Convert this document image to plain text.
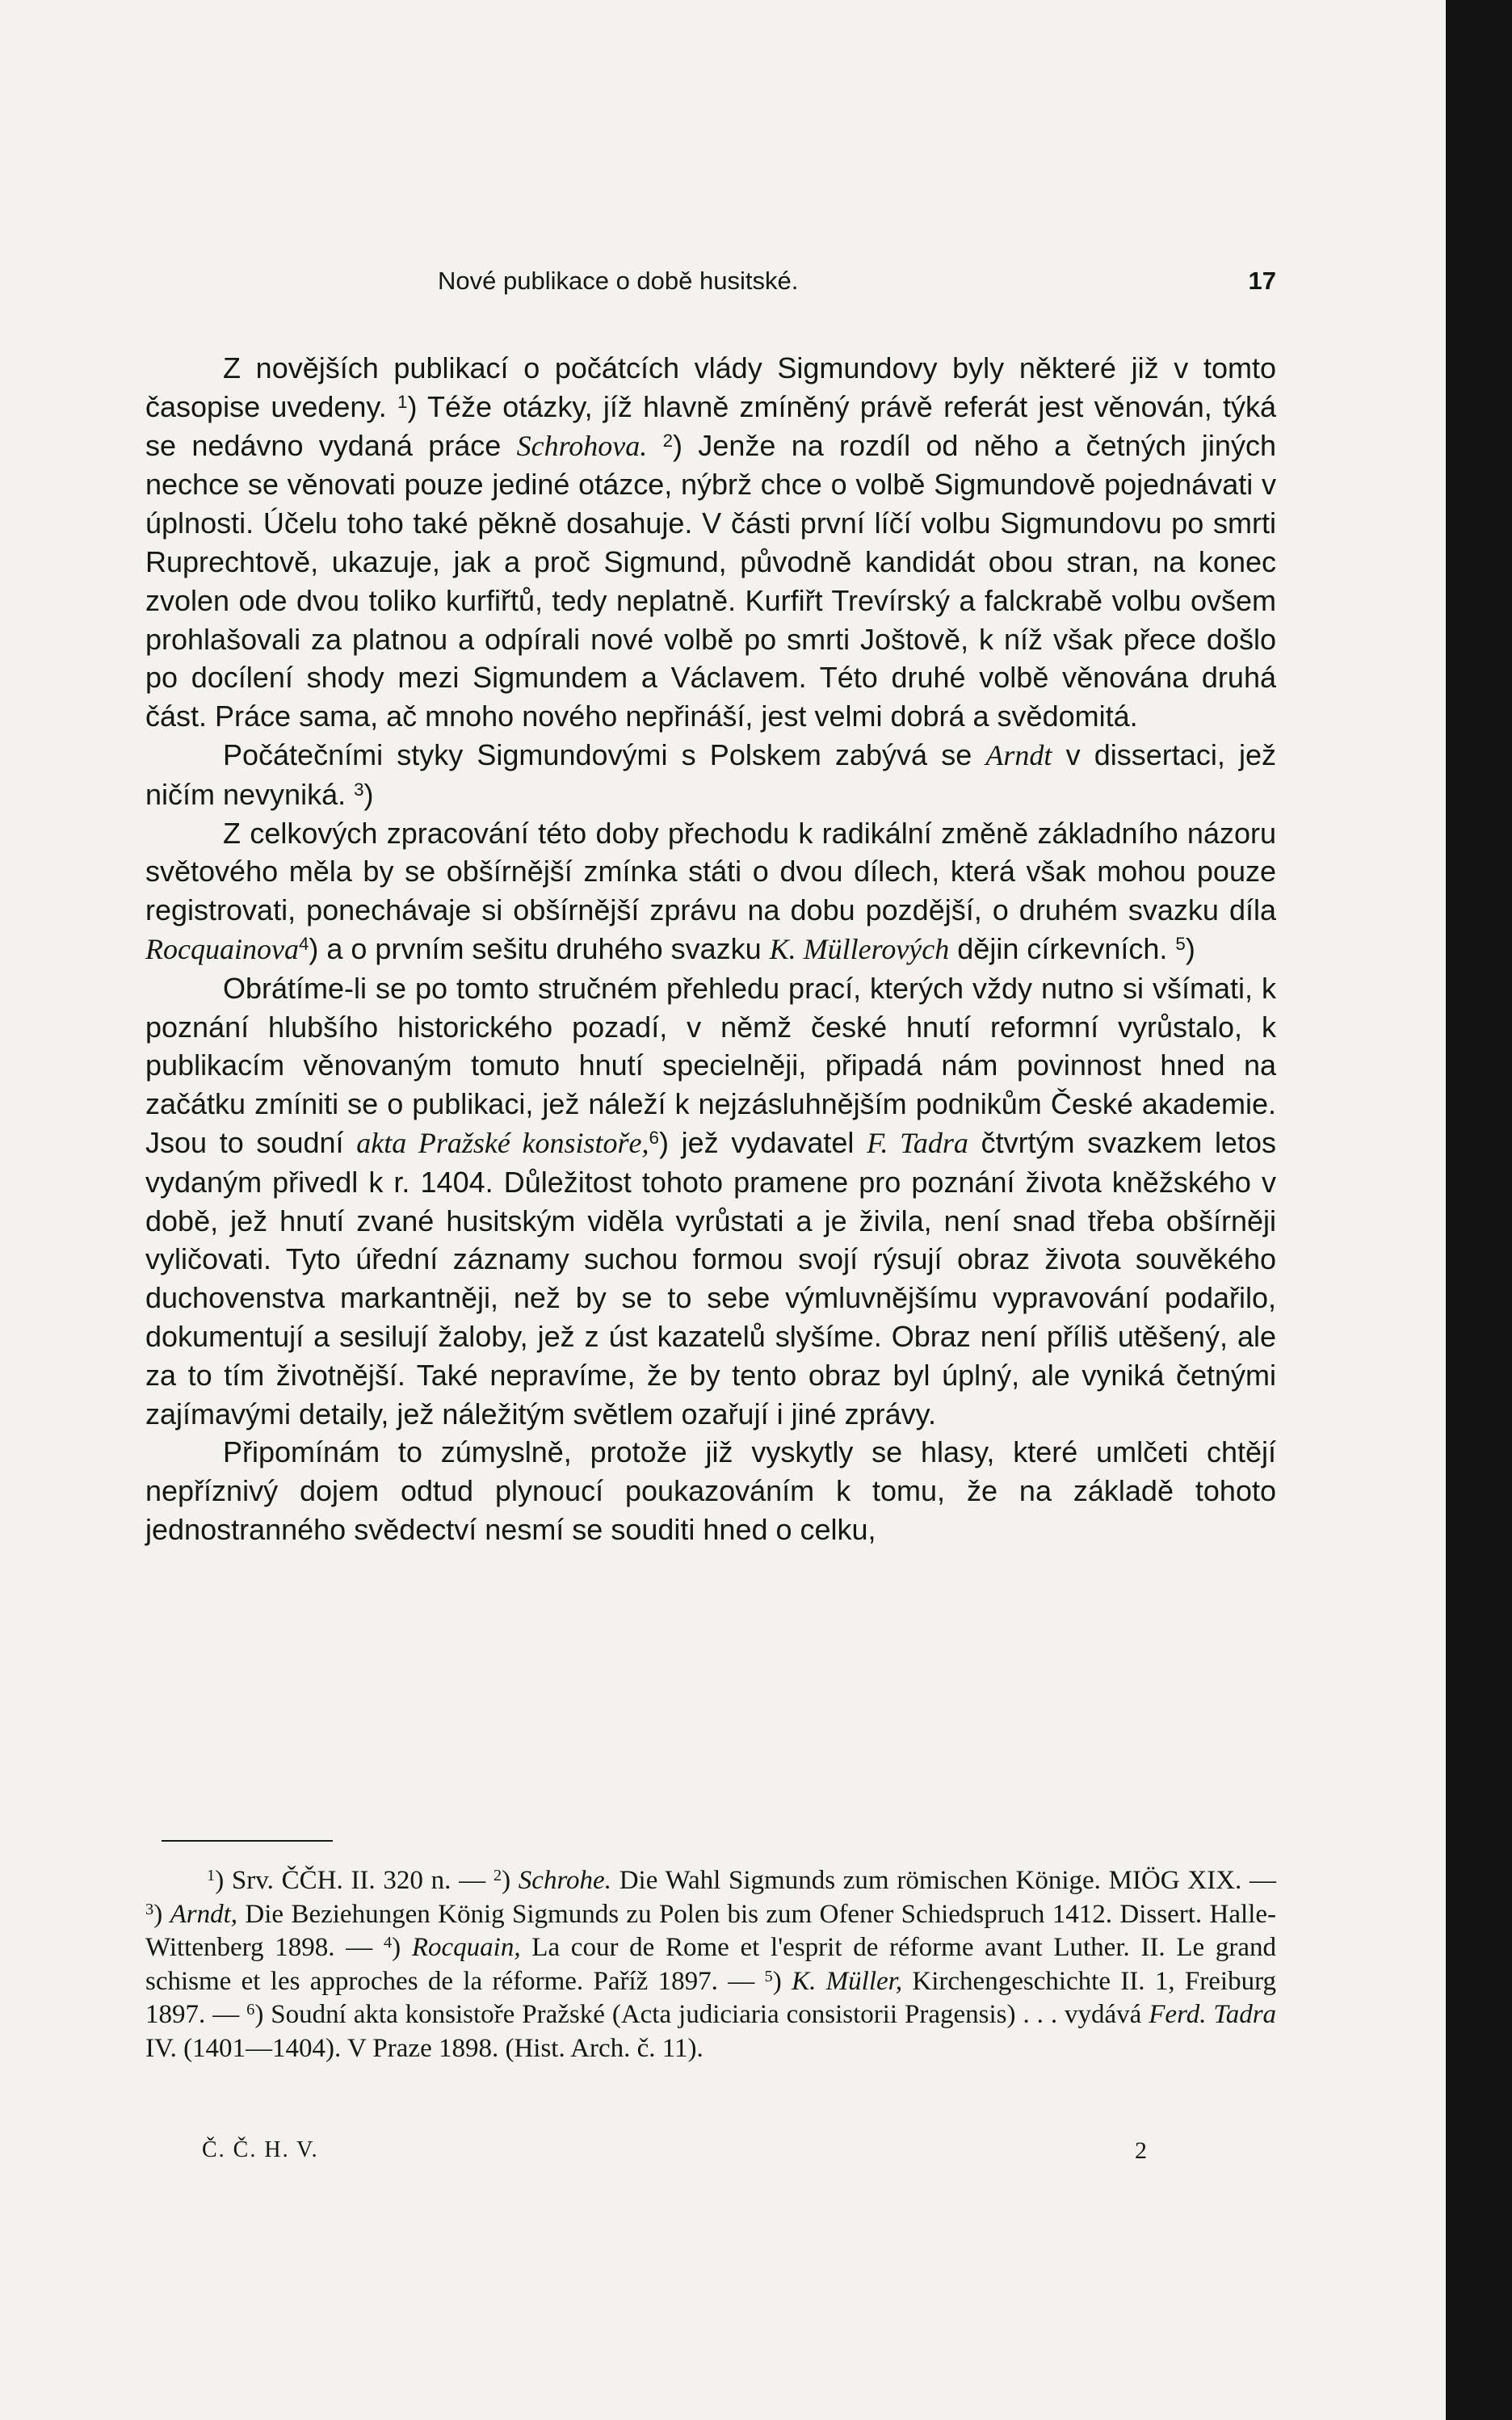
Nové publikace o době husitské.	17

Z novějších publikací o počátcích vlády Sigmundovy byly některé již v tomto časopise uvedeny. $^1$) Téže otázky, jíž hlavně zmíněný právě referát jest věnován, týká se nedávno vydaná práce Schrohova. $^2$) Jenže na rozdíl od něho a četných jiných nechce se věnovati pouze jediné otázce, nýbrž chce o volbě Sigmundově pojednávati v úplnosti. Účelu toho také pěkně dosahuje. V části první líčí volbu Sigmundovu po smrti Ruprechtově, ukazuje, jak a proč Sigmund, původně kandidát obou stran, na konec zvolen ode dvou toliko kurfiřtů, tedy neplatně. Kurfiřt Trevírský a falckrabě volbu ovšem prohlašovali za platnou a odpírali nové volbě po smrti Joštově, k níž však přece došlo po docílení shody mezi Sigmundem a Václavem. Této druhé volbě věnována druhá část. Práce sama, ač mnoho nového nepřináší, jest velmi dobrá a svědomitá.

Počátečními styky Sigmundovými s Polskem zabývá se Arndt v dissertaci, jež ničím nevyniká. $^3$)

Z celkových zpracování této doby přechodu k radikální změně základního názoru světového měla by se obšírnější zmínka státi o dvou dílech, která však mohou pouze registrovati, ponechávaje si obšírnější zprávu na dobu pozdější, o druhém svazku díla Rocquainova$^4$) a o prvním sešitu druhého svazku K. Müllerových dějin církevních. $^5$)

Obrátíme-li se po tomto stručném přehledu prací, kterých vždy nutno si všímati, k poznání hlubšího historického pozadí, v němž české hnutí reformní vyrůstalo, k publikacím věnovaným tomuto hnutí specielněji, připadá nám povinnost hned na začátku zmíniti se o publikaci, jež náleží k nejzásluhnějším podnikům České akademie. Jsou to soudní akta Pražské konsistoře,$^6$) jež vydavatel F. Tadra čtvrtým svazkem letos vydaným přivedl k r. 1404. Důležitost tohoto pramene pro poznání života kněžského v době, jež hnutí zvané husitským viděla vyrůstati a je živila, není snad třeba obšírněji vyličovati. Tyto úřední záznamy suchou formou svojí rýsují obraz života souvěkého duchovenstva markantněji, než by se to sebe výmluvnějšímu vypravování podařilo, dokumentují a sesilují žaloby, jež z úst kazatelů slyšíme. Obraz není příliš utěšený, ale za to tím životnější. Také nepravíme, že by tento obraz byl úplný, ale vyniká četnými zajímavými detaily, jež náležitým světlem ozařují i jiné zprávy.

Připomínám to zúmyslně, protože již vyskytly se hlasy, které umlčeti chtějí nepříznivý dojem odtud plynoucí poukazováním k tomu, že na základě tohoto jednostranného svědectví nesmí se souditi hned o celku,

$^1$) Srv. ČČH. II. 320 n. — $^2$) Schrohe. Die Wahl Sigmunds zum römischen Könige. MIÖG XIX. — $^3$) Arndt, Die Beziehungen König Sigmunds zu Polen bis zum Ofener Schiedspruch 1412. Dissert. Halle-Wittenberg 1898. — $^4$) Rocquain, La cour de Rome et l'esprit de réforme avant Luther. II. Le grand schisme et les approches de la réforme. Paříž 1897. — $^5$) K. Müller, Kirchengeschichte II. 1, Freiburg 1897. — $^6$) Soudní akta konsistoře Pražské (Acta judiciaria consistorii Pragensis) . . . vydává Ferd. Tadra IV. (1401—1404). V Praze 1898. (Hist. Arch. č. 11).

Č. Č. H. V.	2
